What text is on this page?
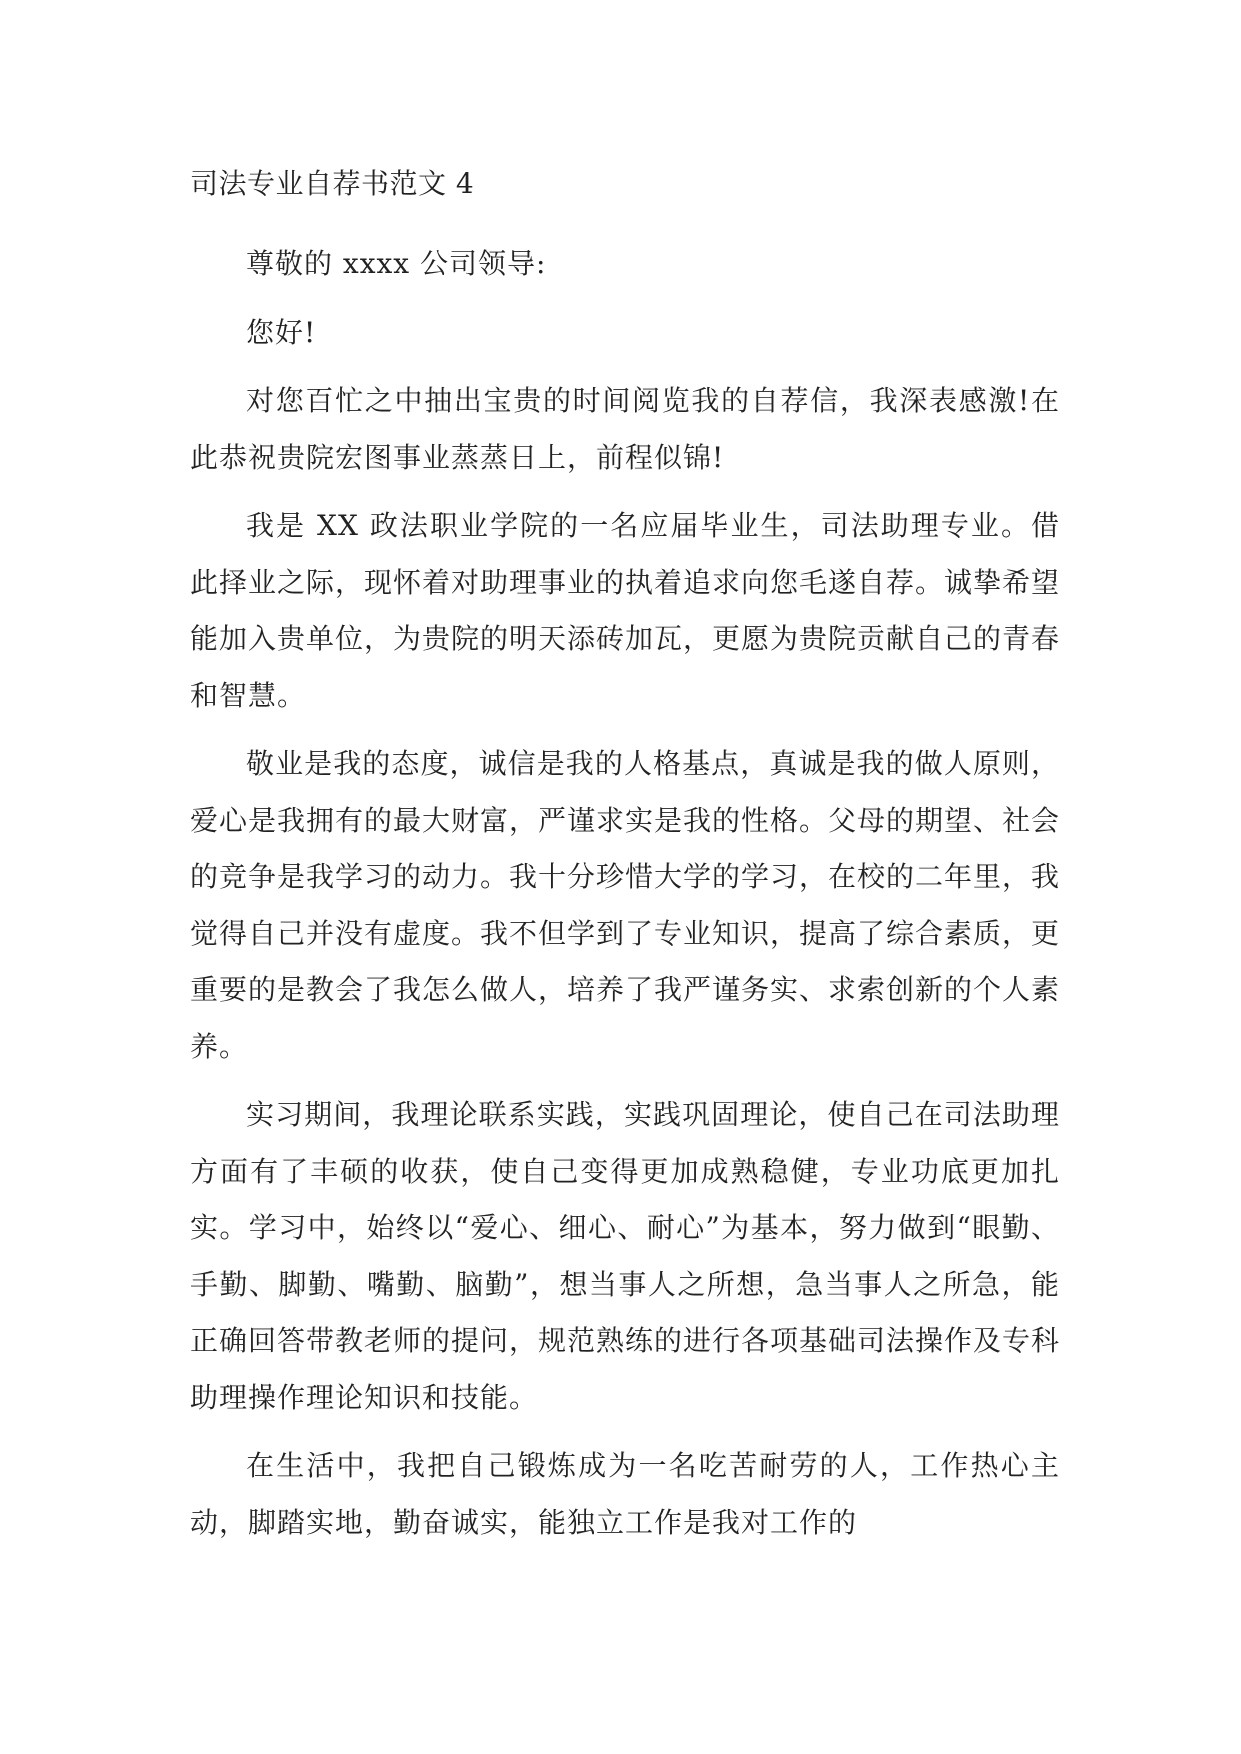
司法专业自荐书范文 4

尊敬的 xxxx 公司领导:

您好!

对您百忙之中抽出宝贵的时间阅览我的自荐信，我深表感激!在此恭祝贵院宏图事业蒸蒸日上，前程似锦!

我是 XX 政法职业学院的一名应届毕业生，司法助理专业。借此择业之际，现怀着对助理事业的执着追求向您毛遂自荐。诚挚希望能加入贵单位，为贵院的明天添砖加瓦，更愿为贵院贡献自己的青春和智慧。

敬业是我的态度，诚信是我的人格基点，真诚是我的做人原则，爱心是我拥有的最大财富，严谨求实是我的性格。父母的期望、社会的竞争是我学习的动力。我十分珍惜大学的学习，在校的二年里，我觉得自己并没有虚度。我不但学到了专业知识，提高了综合素质，更重要的是教会了我怎么做人，培养了我严谨务实、求索创新的个人素养。

实习期间，我理论联系实践，实践巩固理论，使自己在司法助理方面有了丰硕的收获，使自己变得更加成熟稳健，专业功底更加扎实。学习中，始终以“爱心、细心、耐心”为基本，努力做到“眼勤、手勤、脚勤、嘴勤、脑勤”，想当事人之所想，急当事人之所急，能正确回答带教老师的提问，规范熟练的进行各项基础司法操作及专科助理操作理论知识和技能。

在生活中，我把自己锻炼成为一名吃苦耐劳的人，工作热心主动，脚踏实地，勤奋诚实，能独立工作是我对工作的
